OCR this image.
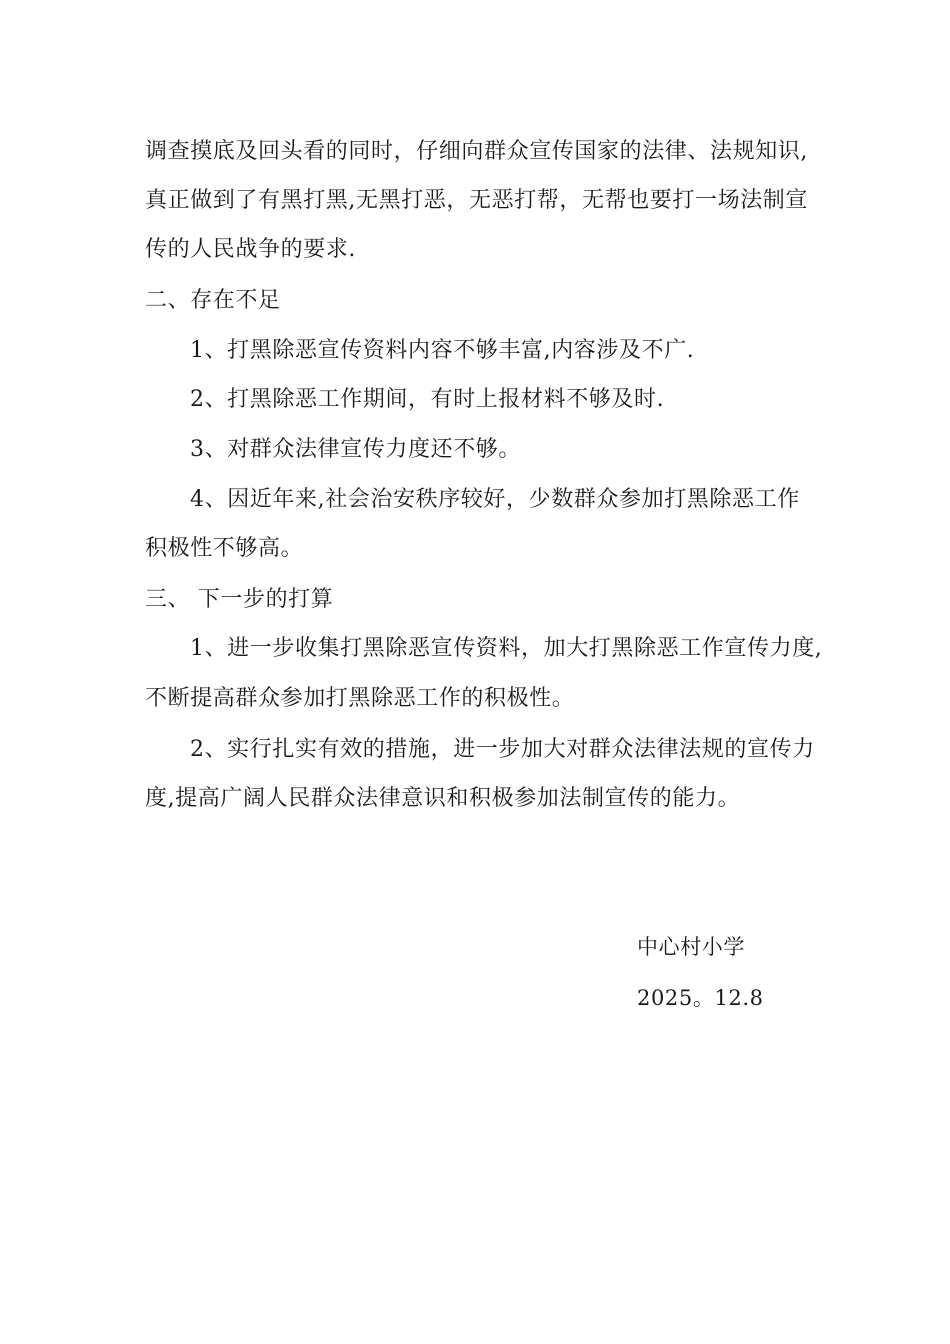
调查摸底及回头看的同时，仔细向群众宣传国家的法律、法规知识,
真正做到了有黑打黑,无黑打恶，无恶打帮，无帮也要打一场法制宣
传的人民战争的要求.
二、存在不足
1、打黑除恶宣传资料内容不够丰富,内容涉及不广.
2、打黑除恶工作期间，有时上报材料不够及时.
3、对群众法律宣传力度还不够。
4、因近年来,社会治安秩序较好，少数群众参加打黑除恶工作
积极性不够高。
三、 下一步的打算
1、进一步收集打黑除恶宣传资料，加大打黑除恶工作宣传力度,
不断提高群众参加打黑除恶工作的积极性。
2、实行扎实有效的措施，进一步加大对群众法律法规的宣传力
度,提高广阔人民群众法律意识和积极参加法制宣传的能力。
中心村小学
2025。12.8
